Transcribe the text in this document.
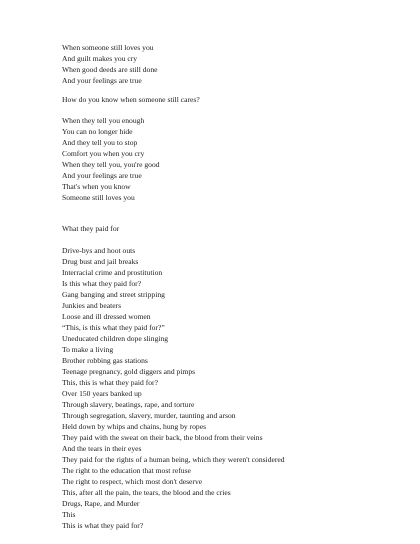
When someone still loves you
And guilt makes you cry
When good deeds are still done
And your feelings are true
How do you know when someone still cares?
When they tell you enough
You can no longer hide
And they tell you to stop
Comfort you when you cry
When they tell you, you're good
And your feelings are true
That's when you know
Someone still loves you
What they paid for
Drive-bys and hoot outs
Drug bust and jail breaks
Interracial crime and prostitution
Is this what they paid for?
Gang banging and street stripping
Junkies and beaters
Loose and ill dressed women
“This, is this what they paid for?”
Uneducated children dope slinging
To make a living
Brother robbing gas stations
Teenage pregnancy, gold diggers and pimps
This, this is what they paid for?
Over 150 years banked up
Through slavery, beatings, rape, and torture
Through segregation, slavery, murder, taunting and arson
Held down by whips and chains, hung by ropes
They paid with the sweat on their back, the blood from their veins
And the tears in their eyes
They paid for the rights of a human being, which they weren't considered
The right to the education that most refuse
The right to respect, which most don't deserve
This, after all the pain, the tears, the blood and the cries
Drugs, Rape, and Murder
This
This is what they paid for?
